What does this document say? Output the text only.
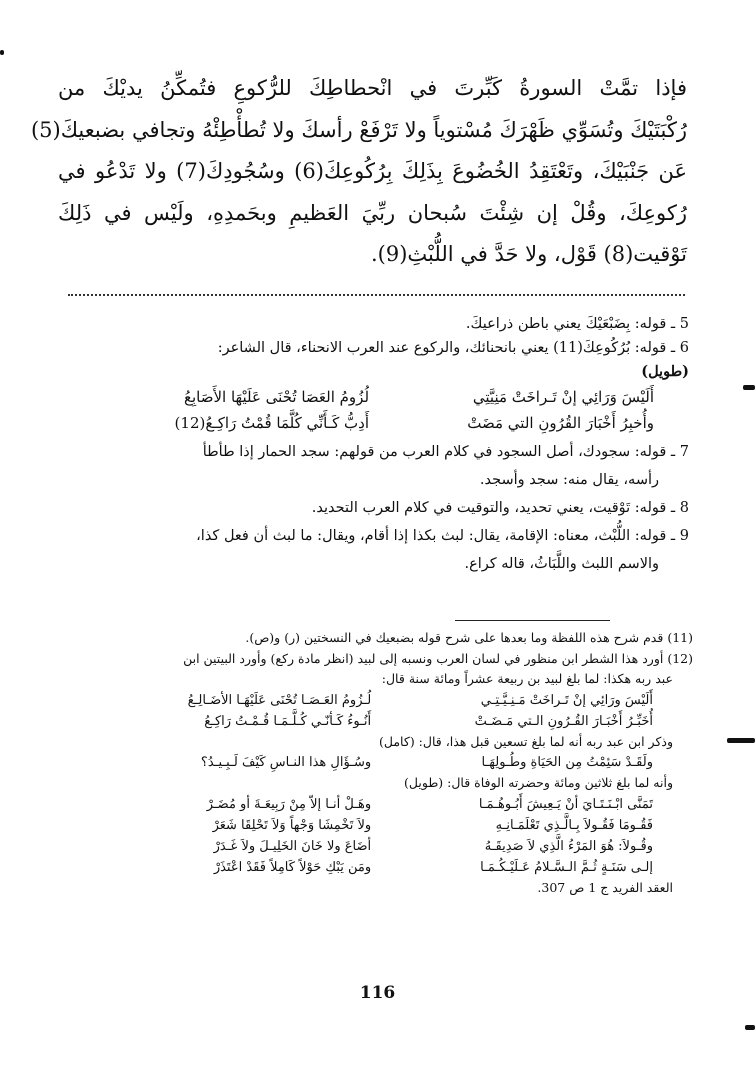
فإذا تمَّتْ السورةُ كَبِّرتَ في انْحطاطِكَ للرُّكوعِ فتُمكِّنُ يديْكَ من
رُكْبَتَيْكَ وتُسَوِّي ظَهْرَكَ مُسْتوياً ولا تَرْفَعْ رأسكَ ولا تُطأْطِئْهُ وتجافي بضبعيكَ(5)
عَن جَنْبَيْكَ، وتَعْتَقِدُ الخُضُوعَ بِذَلِكَ بِرُكُوعِكَ(6) وسُجُودِكَ(7) ولا تَدْعُو في
رُكوعِكَ، وقُلْ إن شِئْتَ سُبحان ربِّيَ العَظيمِ وبحَمدِهِ، ولَيْس في ذَلِكَ
تَوْقيت(8) قَوْل، ولا حَدَّ في اللُّبْثِ(9).
5 ـ قوله: بِضَبْعَيْكَ يعني باطن ذراعيكَ.
6 ـ قوله: بُرُكُوعِكَ(11) يعني بانحنائك، والركوع عند العرب الانحناء، قال الشاعر:
(طويل)
أَلَيْسَ وَرَائِي إنْ تَـراخَتْ مَنِيَّتِي
لُزُومُ العَصَا تُحْنَى عَلَيْهَا الأَصَابِعُ
وأُخبِرُ أَخْبَارَ القُرُونِ التي مَضَتْ
أَدِبُّ كَـأَنِّي كُلَّمَا قُمْتُ رَاكِـعُ(12)
7 ـ قوله: سجودك، أصل السجود في كلام العرب من قولهم: سجد الحمار إذا طأطأ
رأسه، يقال منه: سجد وأسجد.
8 ـ قوله: تَوْقيت، يعني تحديد، والتوقيت في كلام العرب التحديد.
9 ـ قوله: اللُّبْث، معناه: الإقامة، يقال: لبث بكذا إذا أقام، ويقال: ما لبث أن فعل كذا،
والاسم اللبث واللَّبَاثُ، قاله كراع.
(11) قدم شرح هذه اللفظة وما بعدها على شرح قوله بضبعيك في النسختين (ر) و(ص).
(12) أورد هذا الشطر ابن منظور في لسان العرب ونسبه إلى لبيد (انظر مادة ركع) وأورد البيتين ابن
عبد ربه هكذا: لما بلغ لبيد بن ربيعة عشراً ومائة سنة قال:
أَلَيْسَ ورَائِي إنْ تَـراخَتْ مَـنِـيَّـتِـي
لُـزُومُ العَـصَـا تُحْنَى عَلَيْهَـا الأضَـالِـعُ
أُخَبِّـرُ أَخْبَـارَ القُـرُونِ الـتي مَـضَـتْ
أَنُـوءُ كَـأنّـي كُـلَّـمَـا قُـمْـتُ رَاكِـعُ
وذكر ابن عبد ربه أنه لما بلغ تسعين قبل هذا، قال: (كامل)
ولَقَـدْ سَئِمْتُ مِن الحَيَاةِ وطُـولِهَـا
وسُـؤَالِ هذا النـاسِ كَيْفَ لَـبِـيـدُ؟
وأنه لما بلغ ثلاثين ومائة وحضرته الوفاة قال: (طويل)
تَمَنَّى ابْـنَـتَـايَ أنْ يَـعِيشَ أَبُـوهُـمَـا
وهَـلْ أنـا إلاّ مِنْ رَبِيعَـةَ أو مُضَـرْ
فَقُـومَا فَقُـولاَ بِـالَّـذِي تَعْلَمَـانِـهِ
ولاَ تَخْمِشَا وَجْهاً وَلاَ تَحْلِقَا شَعَرْ
وقُـولاَ: هُوَ المَرْءُ الَّذِي لاَ صَدِيقَـهُ
أضَاعَ ولا خَانَ الخَلِيـلَ ولاَ غَـدَرْ
إلـى سَنَـةٍ ثُـمَّ الـسَّـلامُ عَـلَيْـكُـمَـا
ومَن يَبْكِ حَوْلاً كَامِلاً فَقَدْ اعْتَذَرْ
العقد الفريد ج 1 ص 307.
116
